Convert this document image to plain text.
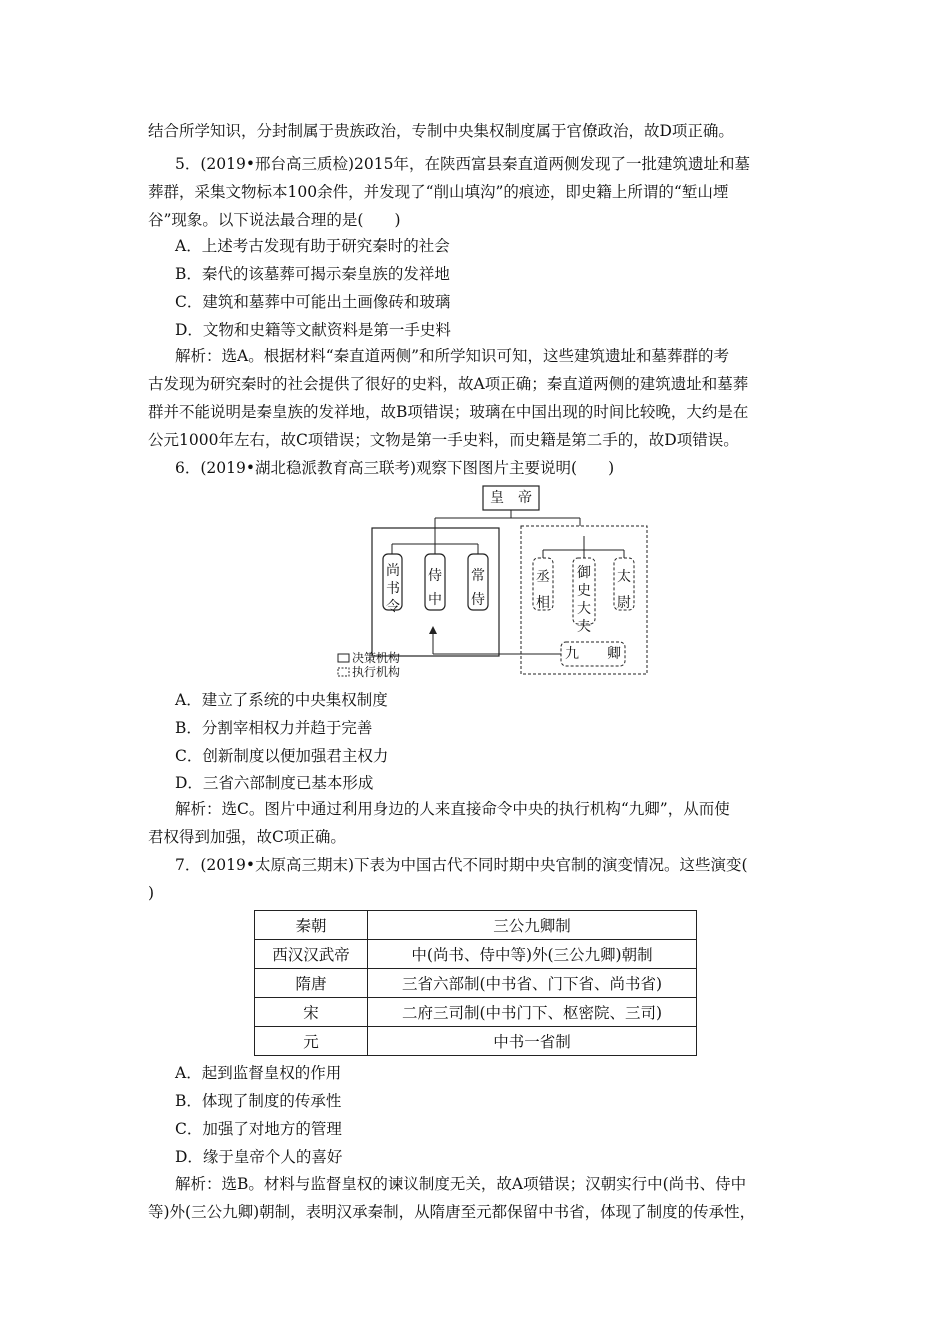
结合所学知识，分封制属于贵族政治，专制中央集权制度属于官僚政治，故D项正确。
5．(2019•邢台高三质检)2015年，在陕西富县秦直道两侧发现了一批建筑遗址和墓
葬群，采集文物标本100余件，并发现了“削山填沟”的痕迹，即史籍上所谓的“堑山堙
谷”现象。以下说法最合理的是(　　)
A．上述考古发现有助于研究秦时的社会
B．秦代的该墓葬可揭示秦皇族的发祥地
C．建筑和墓葬中可能出土画像砖和玻璃
D．文物和史籍等文献资料是第一手史料
解析：选A。根据材料“秦直道两侧”和所学知识可知，这些建筑遗址和墓葬群的考
古发现为研究秦时的社会提供了很好的史料，故A项正确；秦直道两侧的建筑遗址和墓葬
群并不能说明是秦皇族的发祥地，故B项错误；玻璃在中国出现的时间比较晚，大约是在
公元1000年左右，故C项错误；文物是第一手史料，而史籍是第二手的，故D项错误。
6．(2019•湖北稳派教育高三联考)观察下图图片主要说明(　　)
皇　帝
尚
书
令
侍
中
常
侍
丞
相
御
史
大
夫
太
尉
九　　卿
决策机构
执行机构
A．建立了系统的中央集权制度
B．分割宰相权力并趋于完善
C．创新制度以便加强君主权力
D．三省六部制度已基本形成
解析：选C。图片中通过利用身边的人来直接命令中央的执行机构“九卿”，从而使
君权得到加强，故C项正确。
7．(2019•太原高三期末)下表为中国古代不同时期中央官制的演变情况。这些演变(
)
秦朝	三公九卿制
西汉汉武帝	中(尚书、侍中等)外(三公九卿)朝制
隋唐	三省六部制(中书省、门下省、尚书省)
宋	二府三司制(中书门下、枢密院、三司)
元	中书一省制
A．起到监督皇权的作用
B．体现了制度的传承性
C．加强了对地方的管理
D．缘于皇帝个人的喜好
解析：选B。材料与监督皇权的谏议制度无关，故A项错误；汉朝实行中(尚书、侍中
等)外(三公九卿)朝制，表明汉承秦制，从隋唐至元都保留中书省，体现了制度的传承性，
